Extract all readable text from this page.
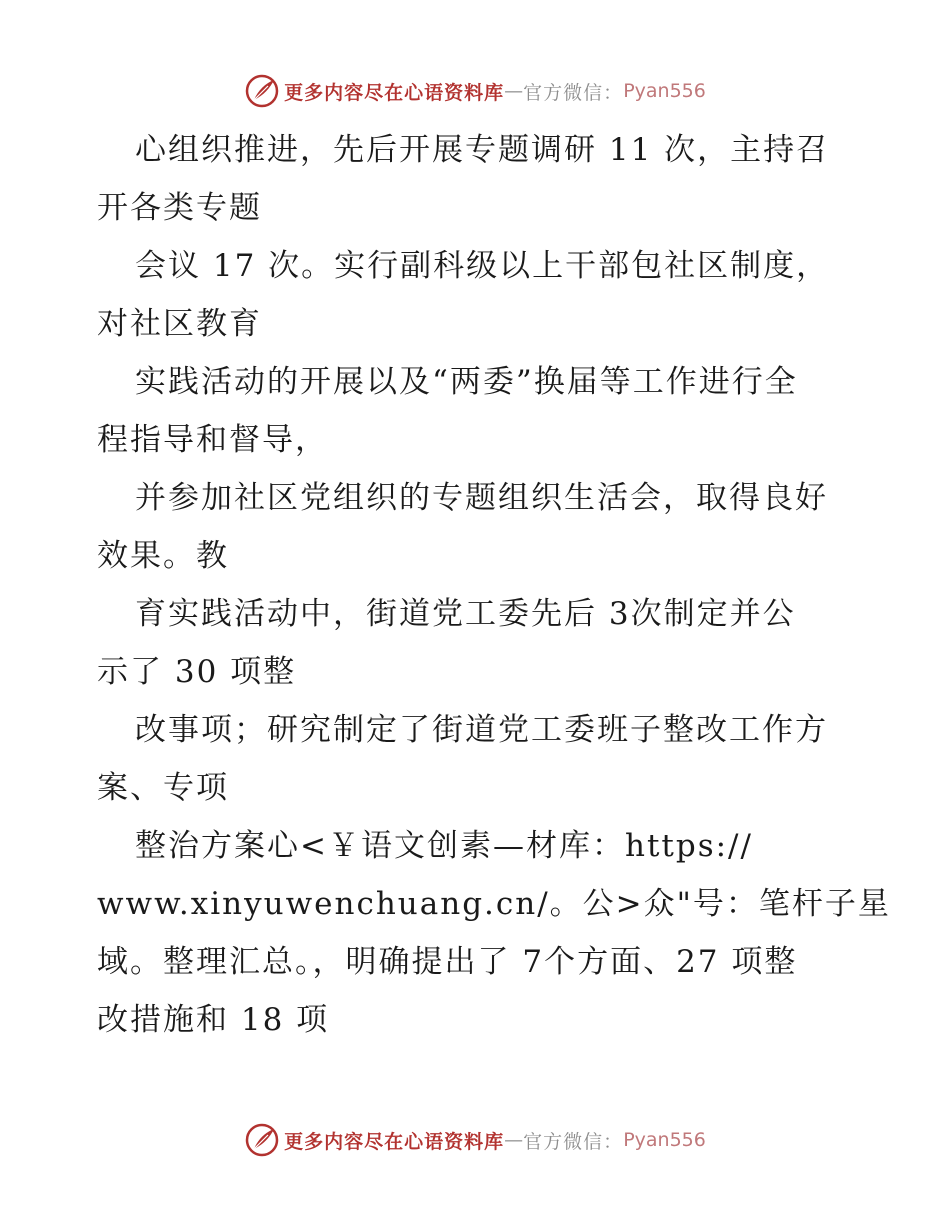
更多内容尽在心语资料库 — 官方微信： Pyan556

心组织推进，先后开展专题调研 11 次，主持召

开各类专题

会议 17 次。实行副科级以上干部包社区制度，

对社区教育

实践活动的开展以及“两委”换届等工作进行全

程指导和督导，

并参加社区党组织的专题组织生活会，取得良好

效果。教

育实践活动中，街道党工委先后 3次制定并公

示了 30 项整

改事项；研究制定了街道党工委班子整改工作方

案、专项

整治方案心<￥语文创素—材库：https://

www.xinyuwenchuang.cn/。公>众"号：笔杆子星

域。整理汇总。，明确提出了 7个方面、27 项整

改措施和 18 项

更多内容尽在心语资料库 — 官方微信： Pyan556
